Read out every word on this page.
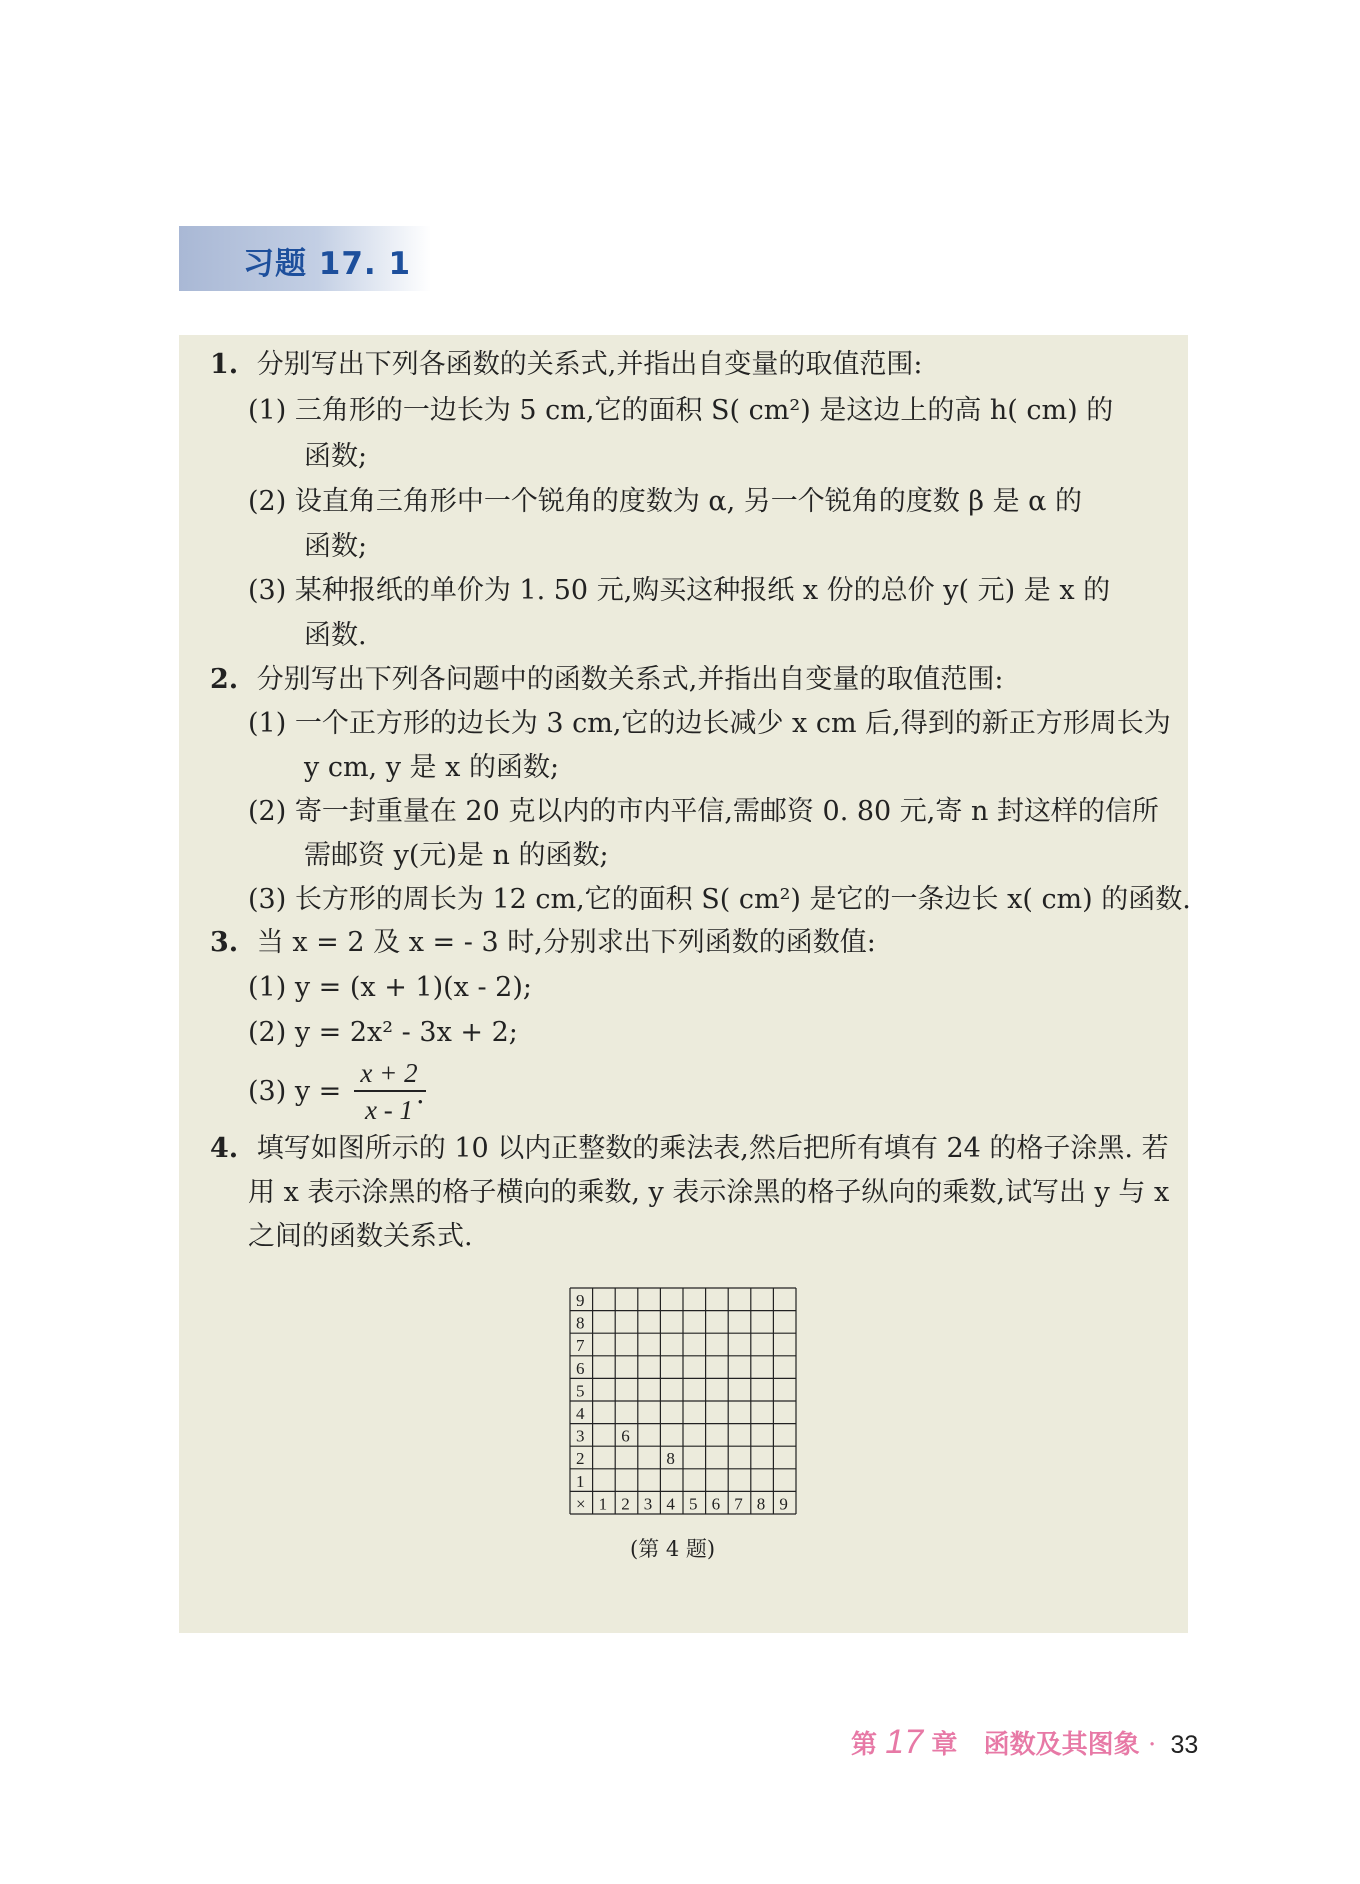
习题 17. 1
1. 分别写出下列各函数的关系式,并指出自变量的取值范围:
(1) 三角形的一边长为 5 cm,它的面积 S( cm²) 是这边上的高 h( cm) 的
函数;
(2) 设直角三角形中一个锐角的度数为 α, 另一个锐角的度数 β 是 α 的
函数;
(3) 某种报纸的单价为 1. 50 元,购买这种报纸 x 份的总价 y( 元) 是 x 的
函数.
2. 分别写出下列各问题中的函数关系式,并指出自变量的取值范围:
(1) 一个正方形的边长为 3 cm,它的边长减少 x cm 后,得到的新正方形周长为
y cm, y 是 x 的函数;
(2) 寄一封重量在 20 克以内的市内平信,需邮资 0. 80 元,寄 n 封这样的信所
需邮资 y(元)是 n 的函数;
(3) 长方形的周长为 12 cm,它的面积 S( cm²) 是它的一条边长 x( cm) 的函数.
3. 当 x = 2 及 x = - 3 时,分别求出下列函数的函数值:
(1) y = (x + 1)(x - 2);
(2) y = 2x² - 3x + 2;
(3) y =
x + 2
x - 1 .
4. 填写如图所示的 10 以内正整数的乘法表,然后把所有填有 24 的格子涂黑. 若
用 x 表示涂黑的格子横向的乘数, y 表示涂黑的格子纵向的乘数,试写出 y 与 x
之间的函数关系式.
9
8
7
6
5
4
3
2
1
1 2 3 4 5 6 7 8 9
×
6
8
(第 4 题)
第 17 章 函数及其图象 · 33
